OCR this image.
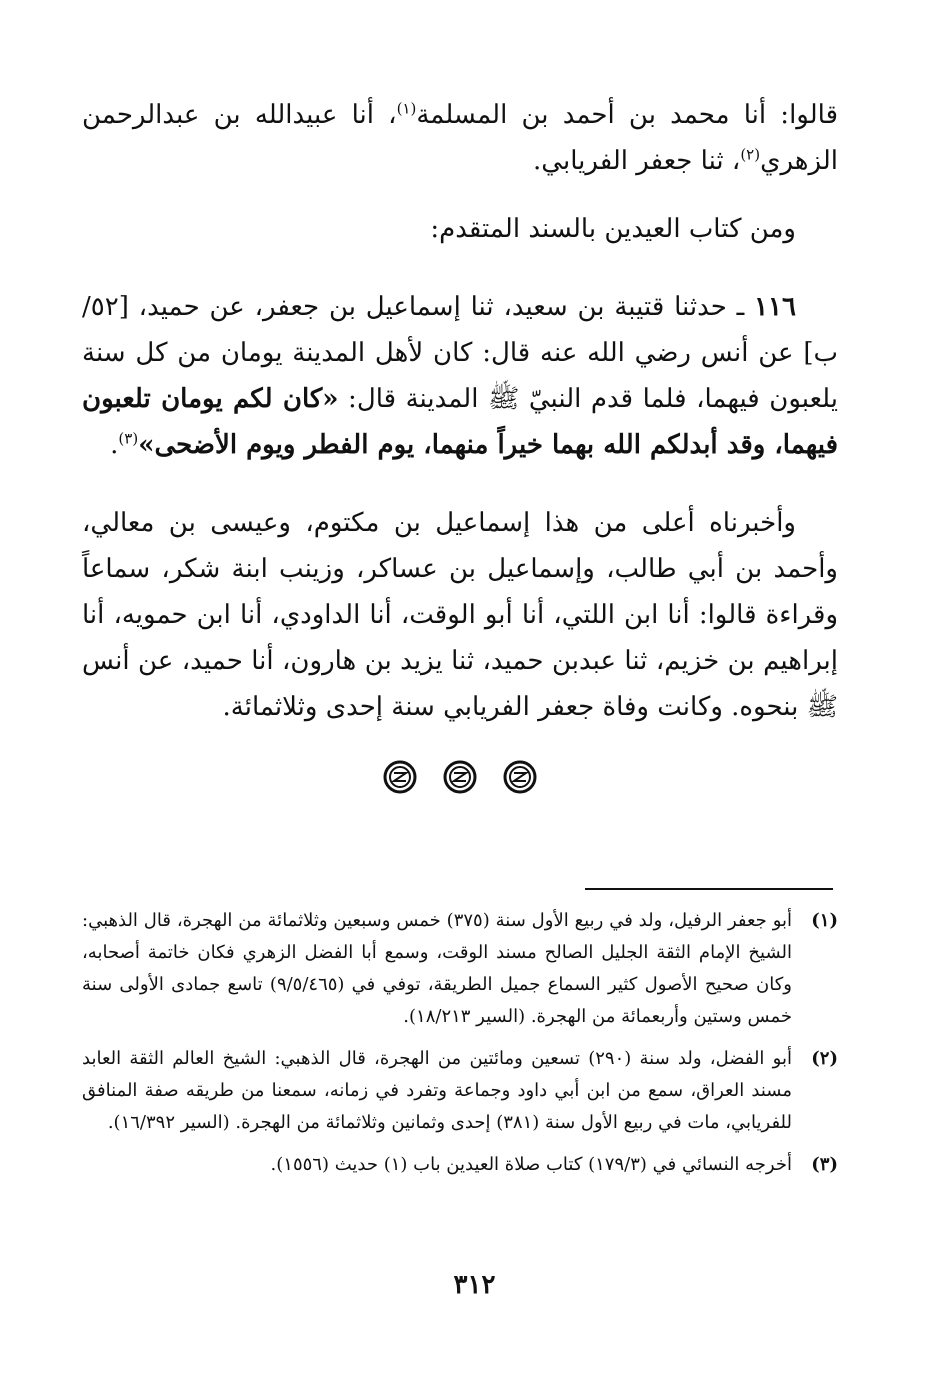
قالوا: أنا محمد بن أحمد بن المسلمة$^{(١)}$، أنا عبيدالله بن عبدالرحمن الزهري$^{(٢)}$، ثنا جعفر الفريابي.

ومن كتاب العيدين بالسند المتقدم:

١١٦ ـ حدثنا قتيبة بن سعيد، ثنا إسماعيل بن جعفر، عن حميد، [٥٢/ب] عن أنس رضي الله عنه قال: كان لأهل المدينة يومان من كل سنة يلعبون فيهما، فلما قدم النبيّ ﷺ المدينة قال: «كان لكم يومان تلعبون فيهما، وقد أبدلكم الله بهما خيراً منهما، يوم الفطر ويوم الأضحى»$^{(٣)}$.

وأخبرناه أعلى من هذا إسماعيل بن مكتوم، وعيسى بن معالي، وأحمد بن أبي طالب، وإسماعيل بن عساكر، وزينب ابنة شكر، سماعاً وقراءة قالوا: أنا ابن اللتي، أنا أبو الوقت، أنا الداودي، أنا ابن حمويه، أنا إبراهيم بن خزيم، ثنا عبدبن حميد، ثنا يزيد بن هارون، أنا حميد، عن أنس ﷺ بنحوه. وكانت وفاة جعفر الفريابي سنة إحدى وثلاثمائة.

(١)
أبو جعفر الرفيل، ولد في ربيع الأول سنة (٣٧٥) خمس وسبعين وثلاثمائة من الهجرة، قال الذهبي: الشيخ الإمام الثقة الجليل الصالح مسند الوقت، وسمع أبا الفضل الزهري فكان خاتمة أصحابه، وكان صحيح الأصول كثير السماع جميل الطريقة، توفي في (٩/٥/٤٦٥) تاسع جمادى الأولى سنة خمس وستين وأربعمائة من الهجرة. (السير ١٨/٢١٣).
(٢)
أبو الفضل، ولد سنة (٢٩٠) تسعين ومائتين من الهجرة، قال الذهبي: الشيخ العالم الثقة العابد مسند العراق، سمع من ابن أبي داود وجماعة وتفرد في زمانه، سمعنا من طريقه صفة المنافق للفريابي، مات في ربيع الأول سنة (٣٨١) إحدى وثمانين وثلاثمائة من الهجرة. (السير ١٦/٣٩٢).
(٣)
أخرجه النسائي في (١٧٩/٣) كتاب صلاة العيدين باب (١) حديث (١٥٥٦).
٣١٢
